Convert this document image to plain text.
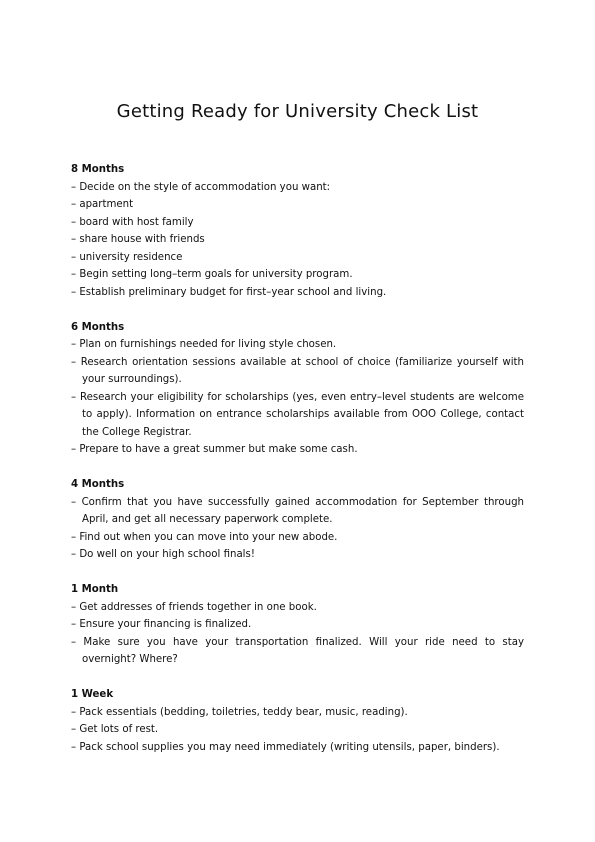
Getting Ready for University Check List
8 Months
– Decide on the style of accommodation you want:
– apartment
– board with host family
– share house with friends
– university residence
– Begin setting long–term goals for university program.
– Establish preliminary budget for first–year school and living.
6 Months
– Plan on furnishings needed for living style chosen.
– Research orientation sessions available at school of choice (familiarize yourself with your surroundings).
– Research your eligibility for scholarships (yes, even entry–level students are welcome to apply). Information on entrance scholarships available from OOO College, contact the College Registrar.
– Prepare to have a great summer but make some cash.
4 Months
– Confirm that you have successfully gained accommodation for September through April, and get all necessary paperwork complete.
– Find out when you can move into your new abode.
– Do well on your high school finals!
1 Month
– Get addresses of friends together in one book.
– Ensure your financing is finalized.
– Make sure you have your transportation finalized. Will your ride need to stay overnight? Where?
1 Week
– Pack essentials (bedding, toiletries, teddy bear, music, reading).
– Get lots of rest.
– Pack school supplies you may need immediately (writing utensils, paper, binders).
